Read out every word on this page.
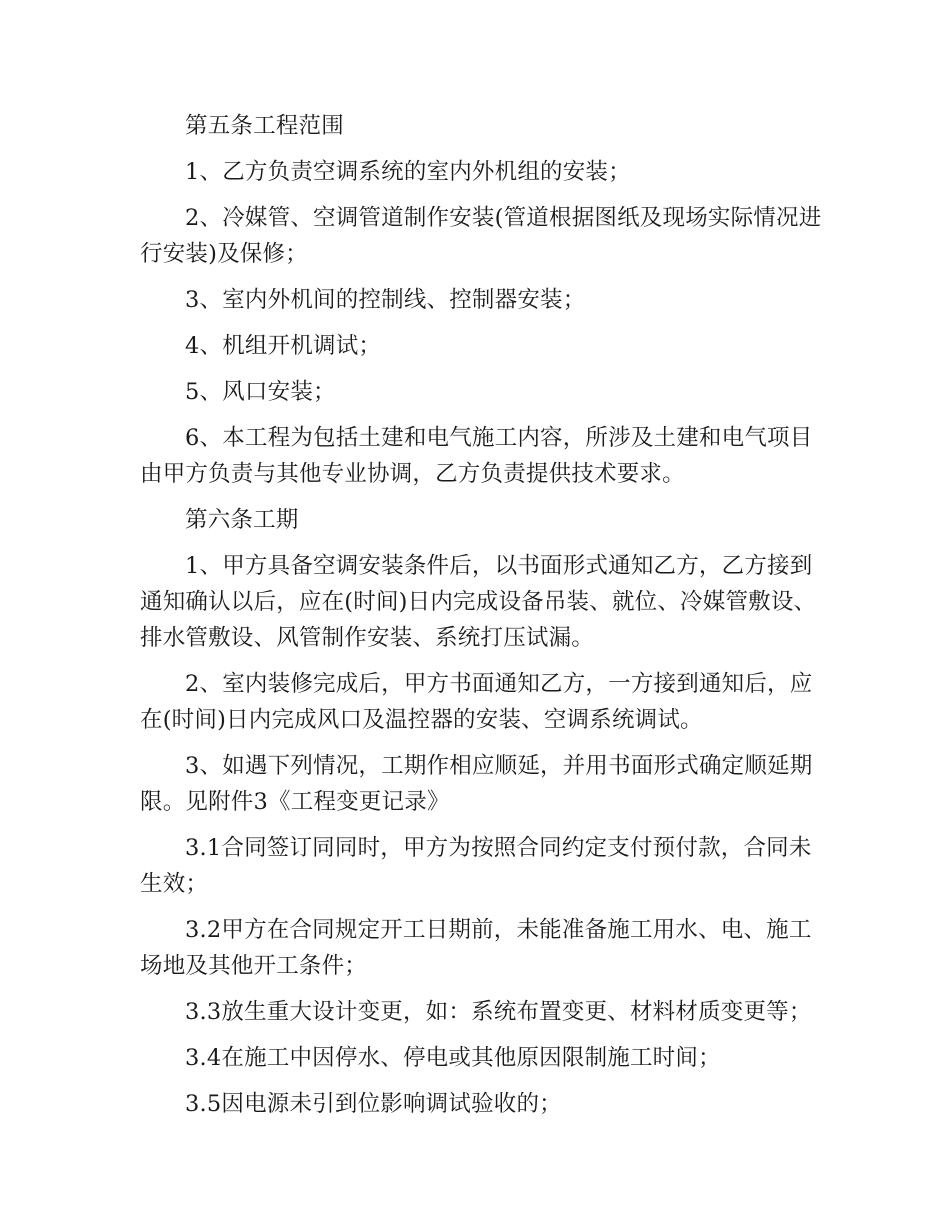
第五条工程范围

1、乙方负责空调系统的室内外机组的安装；

2、冷媒管、空调管道制作安装(管道根据图纸及现场实际情况进行安装)及保修；

3、室内外机间的控制线、控制器安装；

4、机组开机调试；

5、风口安装；

6、本工程为包括土建和电气施工内容，所涉及土建和电气项目由甲方负责与其他专业协调，乙方负责提供技术要求。

第六条工期

1、甲方具备空调安装条件后，以书面形式通知乙方，乙方接到通知确认以后，应在(时间)日内完成设备吊装、就位、冷媒管敷设、排水管敷设、风管制作安装、系统打压试漏。

2、室内装修完成后，甲方书面通知乙方，一方接到通知后，应在(时间)日内完成风口及温控器的安装、空调系统调试。

3、如遇下列情况，工期作相应顺延，并用书面形式确定顺延期限。见附件3《工程变更记录》

3.1合同签订同同时，甲方为按照合同约定支付预付款，合同未生效；

3.2甲方在合同规定开工日期前，未能准备施工用水、电、施工场地及其他开工条件；

3.3放生重大设计变更，如：系统布置变更、材料材质变更等；

3.4在施工中因停水、停电或其他原因限制施工时间；

3.5因电源未引到位影响调试验收的；
